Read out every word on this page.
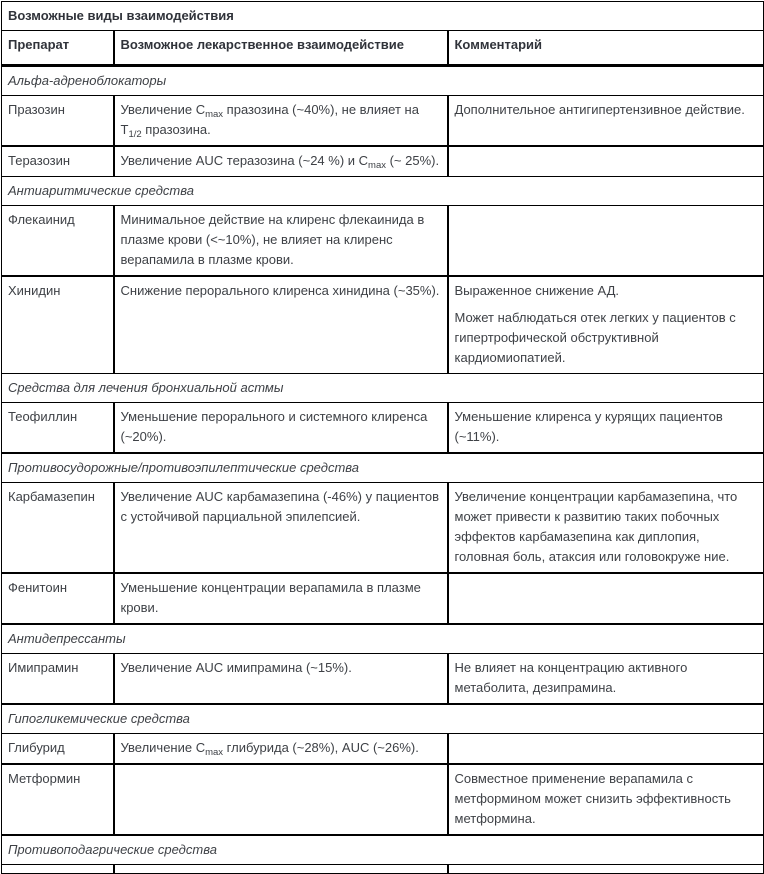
Возможные виды взаимодействия		
Препарат	Возможное лекарственное взаимодействие	Комментарий
Альфа-адреноблокаторы		
Празозин	Увеличение $C_{max}$ празозина (~40%), не влияет на $T_{1/2}$ празозина.	Дополнительное антигипертензивное действие.

Теразозин	Увеличение AUC теразозина (~24 %) и $C_{max}$ (~ 25%).	

Антиаритмические средства		
Флекаинид	Минимальное действие на клиренс флекаинида в плазме крови (<~10%), не влияет на клиренс верапамила в плазме крови.	

Хинидин	Снижение перорального клиренса хинидина (~35%).	Выраженное снижение АД.

Может наблюдаться отек легких у пациентов с гипертрофической обструктивной кардиомиопатией.

Средства для лечения бронхиальной астмы		
Теофиллин	Уменьшение перорального и системного клиренса (~20%).	Уменьшение клиренса у курящих пациентов (~11%).

Противосудорожные/противоэпилептические средства		
Карбамазепин	Увеличение AUC карбамазепина (-46%) у пациентов с устойчивой парциальной эпилепсией.	Увеличение концентрации карбамазепина, что может привести к развитию таких побочных эффектов карбамазепина как диплопия, головная боль, атаксия или головокруже ние.

Фенитоин	Уменьшение концентрации верапамила в плазме крови.	

Антидепрессанты		
Имипрамин	Увеличение AUC имипрамина (~15%).	Не влияет на концентрацию активного метаболита, дезипрамина.

Гипогликемические средства		
Глибурид	Увеличение $C_{max}$ глибурида (~28%), AUC (~26%).	

Метформин		Совместное применение верапамила с метформином может снизить эффективность метформина.

Противоподагрические средства		
